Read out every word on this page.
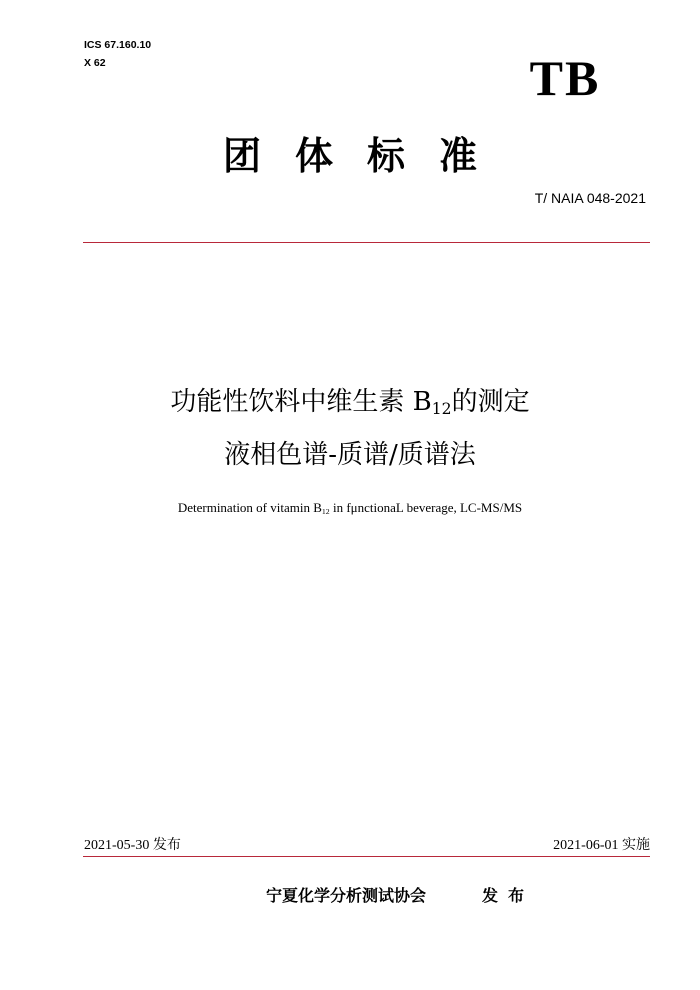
ICS 67.160.10
X 62	TB
团体标准
T/ NAIA 048-2021
功能性饮料中维生素 $B_{12}$的测定
液相色谱-质谱/质谱法
Determination of vitamin $B_{12}$ in fμnctionaL beverage, LC-MS/MS
2021-05-30 发布	2021-06-01 实施
宁夏化学分析测试协会	发布
